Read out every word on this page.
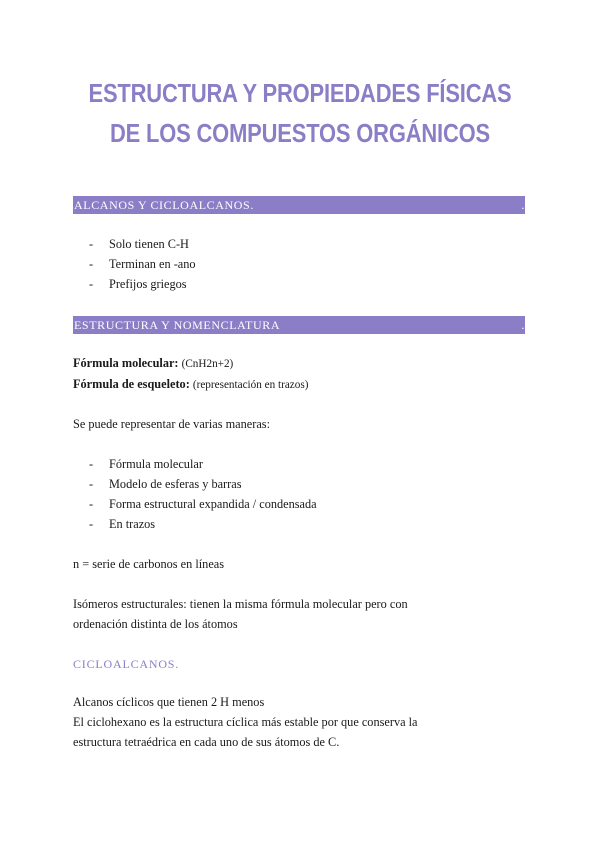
ESTRUCTURA Y PROPIEDADES FÍSICAS
DE LOS COMPUESTOS ORGÁNICOS
ALCANOS Y CICLOALCANOS.	.
- Solo tienen C-H
- Terminan en -ano
- Prefijos griegos
ESTRUCTURA Y NOMENCLATURA	.
Fórmula molecular: (CnH2n+2)
Fórmula de esqueleto: (representación en trazos)
Se puede representar de varias maneras:
- Fórmula molecular
- Modelo de esferas y barras
- Forma estructural expandida / condensada
- En trazos
n = serie de carbonos en líneas
Isómeros estructurales: tienen la misma fórmula molecular pero con
ordenación distinta de los átomos
CICLOALCANOS.
Alcanos cíclicos que tienen 2 H menos
El ciclohexano es la estructura cíclica más estable por que conserva la
estructura tetraédrica en cada uno de sus átomos de C.
